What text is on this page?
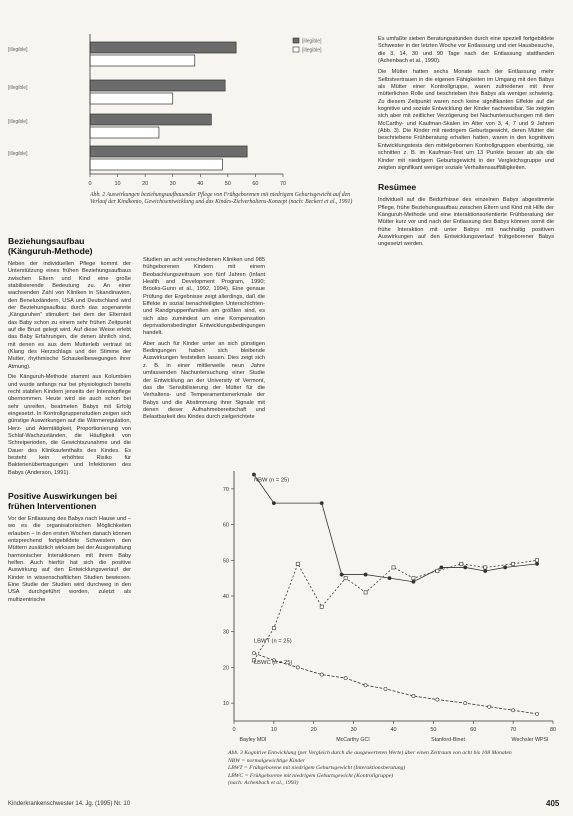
[illegible]
[illegible]
[illegible]
[illegible]
0	10	20	30	40	50	60	70
[illegible]
[illegible]

Abb. 2 Auswirkungen beziehungsaufbauender Pflege von Frühgeborenen mit niedrigem Geburtsgewicht auf den Verlauf der Kindkonto, Gewichtsentwicklung und das Kindes-Zielverhaltens-Konzept (nach: Beckert et al., 1991)

Beziehungsaufbau (Känguruh-Methode)

Neben der individuellen Pflege kommt der Unterstützung eines frühen Beziehungsaufbaus zwischen Eltern und Kind eine große stabilisierende Bedeutung zu. An einer wachsenden Zahl von Kliniken in Skandinavien, den Beneluxländern, USA und Deutschland wird der Beziehungsaufbau durch das sogenannte „Känguruhen“ stimuliert: bei dem der Elternteil das Baby schon zu einem sehr frühen Zeitpunkt auf die Brust gelegt wird. Auf diese Weise erlebt das Baby Erfahrungen, die denen ähnlich sind, mit denen es aus dem Mutterleib vertraut ist (Klang des Herzschlags und der Stimme der Mutter, rhythmische Schaukelbewegungen ihrer Atmung).

Die Känguruh-Methode stammt aus Kolumbien und wurde anfangs nur bei physiologisch bereits recht stabilen Kindern jenseits der Intensivpflege übernommen. Heute wird sie auch schon bei sehr unreifen, beatmeten Babys mit Erfolg eingesetzt. In Kontrollgruppenstudien zeigen sich günstige Auswirkungen auf die Wärmeregulation, Herz- und Atemtätigkeit, Proportionierung von Schlaf-Wachzuständen, die Häufigkeit von Schreiperioden, die Gewichtszunahme und die Dauer des Klinikaufenthalts des Kindes. Es besteht kein erhöhtes Risiko für Bakterienübertragungen und Infektionen des Babys (Anderson, 1991).

Positive Auswirkungen bei frühen Interventionen

Vor der Entlassung des Babys nach Hause und – wo es die organisatorischen Möglichkeiten erlauben – in den ersten Wochen danach können entsprechend fortgebildete Schwestern den Müttern zusätzlich wirksam bei der Ausgestaltung harmonischer Interaktionen mit ihrem Baby helfen. Auch hierfür hat sich die positive Auswirkung auf den Entwicklungsverlauf der Kinder in wissenschaftlichen Studien bewiesen. Eine Studie der Studien wird durchweg in den USA durchgeführt worden, zuletzt als multizentrische

Studien an acht verschiedenen Kliniken und 985 frühgeborenen Kindern mit einem Beobachtungszeitraum von fünf Jahren (Infant Health and Development Program, 1990; Brooks-Gunn et al., 1992, 1994). Eine genaue Prüfung der Ergebnisse zeigt allerdings, daß die Effekte in sozial benachteiligten Unterschichten- und Randgruppenfamilien am größten sind, es sich also zumindest um eine Kompensation deprivationsbedingter Entwicklungsbedingungen handelt.

Aber auch für Kinder unter an sich günstigen Bedingungen haben sich bleibende Auswirkungen feststellen lassen. Dies zeigt sich z. B. in einer mittlerweile neun Jahre umfassenden Nachuntersuchung einer Studie der Entwicklung an der University of Vermont, das die Sensibilisierung der Mütter für die Verhaltens- und Temperamentsmerkmale der Babys und die Abstimmung ihrer Signale mit denen dieser Aufnahmebereitschaft und Belastbarkeit des Kindes durch zielgerichtete

Es umfaßte sieben Beratungsstunden durch eine speziell fortgebildete Schwester in der letzten Woche vor Entlassung und vier Hausbesuche, die 3, 14, 30 und 90 Tage nach der Entlassung stattfanden (Achenbach et al., 1990).

Die Mütter hatten sechs Monate nach der Entlassung mehr Selbstvertrauen in die eigenen Fähigkeiten im Umgang mit den Babys als Mütter einer Kontrollgruppe, waren zufriedener mit ihrer mütterlichen Rolle und beschrieben ihre Babys als weniger schwierig. Zu diesem Zeitpunkt waren noch keine signifikanten Effekte auf die kognitive und soziale Entwicklung der Kinder nachweisbar. Sie zeigten sich aber mit zeitlicher Verzögerung bei Nachuntersuchungen mit den McCarthy- und Kaufman-Skalen im Alter von 3, 4, 7 und 9 Jahren (Abb. 3). Die Kinder mit niedrigem Geburtsgewicht, deren Mütter die beschriebene Frühberatung erhalten hatten, waren in den kognitiven Entwicklungstests den mittelgebornen Kontrollgruppen ebenbürtig, sie schnitten z. B. im Kaufman-Test um 13 Punkte besser ab als die Kinder mit niedrigem Geburtsgewicht in der Vergleichsgruppe und zeigten signifikant weniger soziale Verhaltensauffälligkeiten.

Resümee

Individuell auf die Bedürfnisse des einzelnen Babys abgestimmte Pflege, frühe Beziehungsaufbau zwischen Eltern und Kind mit Hilfe der Känguruh-Methode und eine interaktionsorientierte Frühberatung der Mütter kurz vor und nach der Entlassung des Babys können somit die frühe Interaktion mit unter Babys mit nachhaltig positiven Auswirkungen auf den Entwicklungsverlauf frühgeborener Babys ungesetzt werden.

70
60
50
40
30
20
10
0	10	20	30	40	50	60	70	80
Bayley MDI	McCarthy GCI	Stanford-Binet	Wechsler WPSI
NBW (n = 25)
LBWT (n = 25)
LBWC (n = 25)
Abb. 3 Kognitive Entwicklung (per Vergleich durch die ausgewerteten Werte) über einen Zeitraum von acht bis 108 Monaten
NBW = normalgewichtige Kinder
LBWT = Frühgeborene mit niedrigem Geburtsgewicht (Interaktionsberatung)
LBWC = Frühgeborene mit niedrigem Geburtsgewicht (Kontrollgruppe)
(nach: Achenbach et al., 1993)
Kinderkrankenschwester 14. Jg. (1995) Nr. 10	405
